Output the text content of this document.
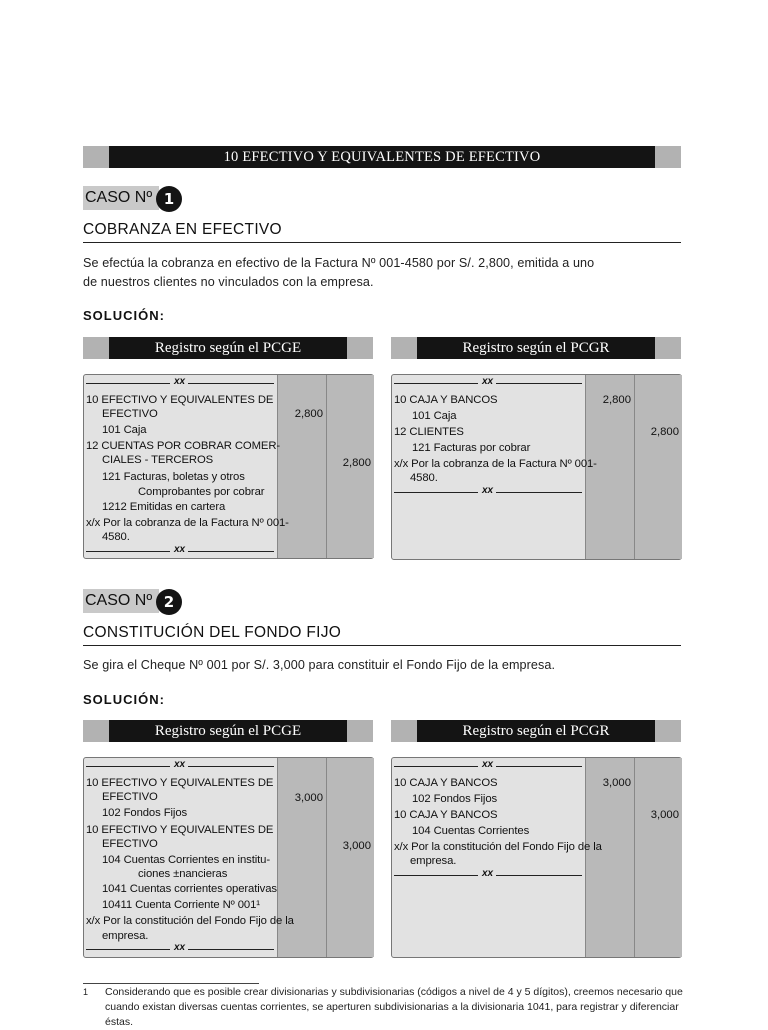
10 EFECTIVO Y EQUIVALENTES DE EFECTIVO
CASO Nº 1
COBRANZA EN EFECTIVO
Se efectúa la cobranza en efectivo de la Factura Nº 001-4580 por S/. 2,800, emitida a uno
de nuestros clientes no vinculados con la empresa.
SOLUCIÓN:
Registro según el PCGE	Registro según el PCGR
xx
10 EFECTIVO Y EQUIVALENTES DE
EFECTIVO
101 Caja
12 CUENTAS POR COBRAR COMER-
CIALES - TERCEROS
121 Facturas, boletas y otros
Comprobantes por cobrar
1212 Emitidas en cartera
x/x Por la cobranza de la Factura Nº 001-
4580.
2,800
2,800
xx
xx
10 CAJA Y BANCOS
101 Caja
12 CLIENTES
121 Facturas por cobrar
x/x Por la cobranza de la Factura Nº 001-
4580.
2,800
2,800
xx
CASO Nº 2
CONSTITUCIÓN DEL FONDO FIJO
Se gira el Cheque Nº 001 por S/. 3,000 para constituir el Fondo Fijo de la empresa.
SOLUCIÓN:
Registro según el PCGE	Registro según el PCGR
xx
10 EFECTIVO Y EQUIVALENTES DE
EFECTIVO
102 Fondos Fijos
10 EFECTIVO Y EQUIVALENTES DE
EFECTIVO
104 Cuentas Corrientes en institu-
ciones ±nancieras
1041 Cuentas corrientes operativas
10411 Cuenta Corriente Nº 001¹
x/x Por la constitución del Fondo Fijo de la
empresa.
3,000
3,000
xx
xx
10 CAJA Y BANCOS
102 Fondos Fijos
10 CAJA Y BANCOS
104 Cuentas Corrientes
x/x Por la constitución del Fondo Fijo de la
empresa.
3,000
3,000
xx
1 Considerando que es posible crear divisionarias y subdivisionarias (códigos a nivel de 4 y 5 dígitos), creemos necesario que cuando existan diversas cuentas corrientes, se aperturen subdivisionarias a la divisionaria 1041, para registrar y diferenciar éstas.
